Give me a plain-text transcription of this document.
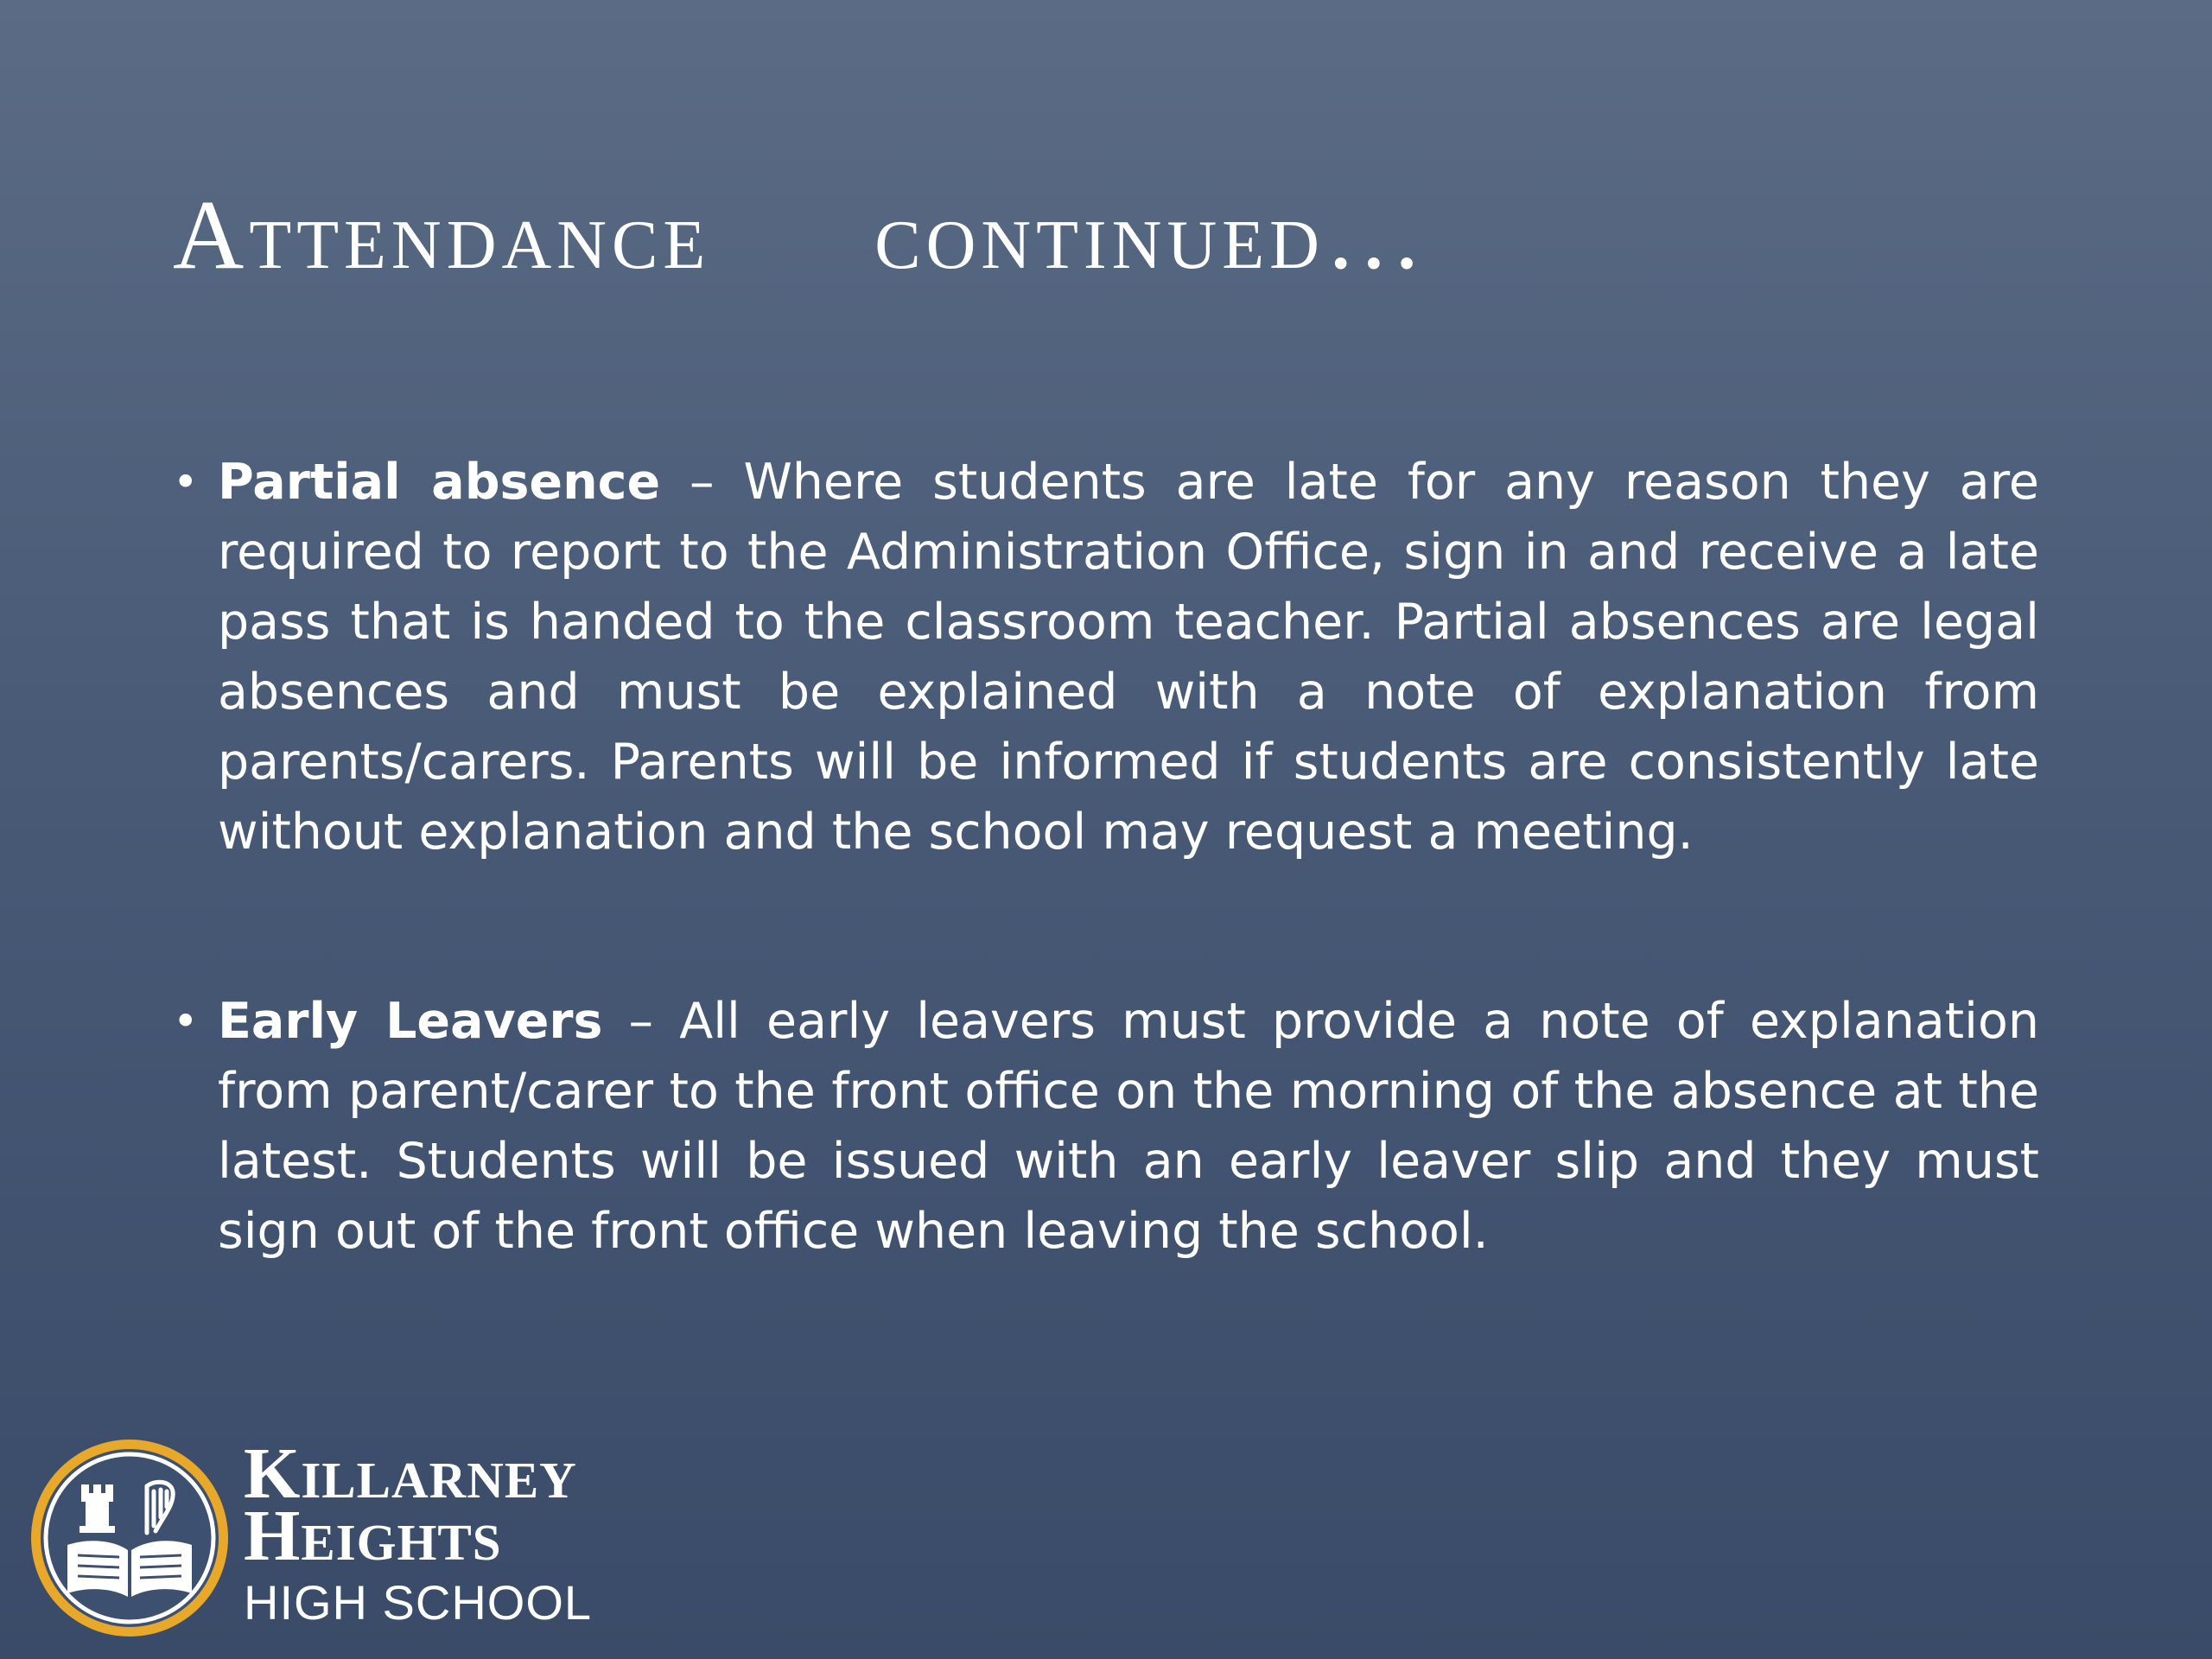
Attendance continued…
• Partial absence – Where students are late for any reason they are required to report to the Administration Office, sign in and receive a late pass that is handed to the classroom teacher. Partial absences are legal absences and must be explained with a note of explanation from parents/carers. Parents will be informed if students are consistently late without explanation and the school may request a meeting.
• Early Leavers – All early leavers must provide a note of explanation from parent/carer to the front office on the morning of the absence at the latest. Students will be issued with an early leaver slip and they must sign out of the front office when leaving the school.
Killarney
Heights
HIGH SCHOOL
